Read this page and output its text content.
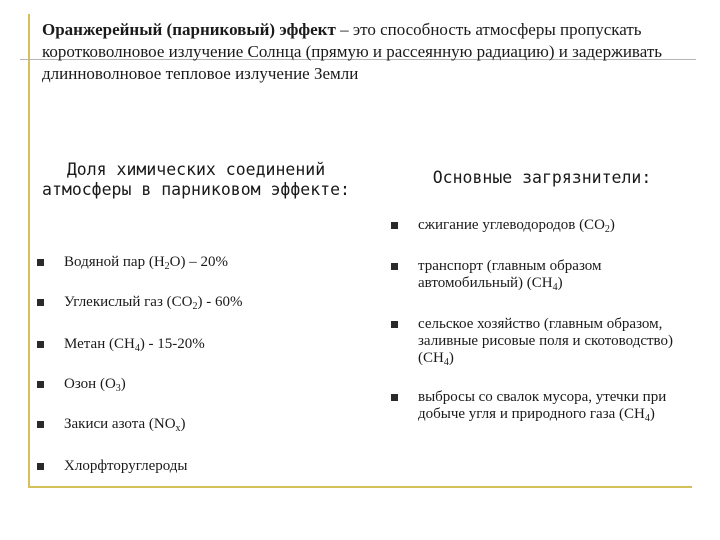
Оранжерейный (парниковый) эффект – это способность атмосферы пропускать коротковолновое излучение Солнца (прямую и рассеянную радиацию) и задерживать длинноволновое тепловое излучение Земли
Доля химических соединений атмосферы в парниковом эффекте:
Основные загрязнители:
Водяной пар $(H_2O) - 20\%$
Углекислый газ $(CO_2) - 60\%$
Метан $(CH_4) - 15-20\%$
Озон $(O_3)$
Закиси азота $(NO_x)$
Хлорфторуглероды
сжигание углеводородов $(CO_2)$
транспорт (главным образом автомобильный) $(CH_4)$
сельское хозяйство (главным образом, заливные рисовые поля и скотоводство) $(CH_4)$
выбросы со свалок мусора, утечки при добыче угля и природного газа $(CH_4)$
